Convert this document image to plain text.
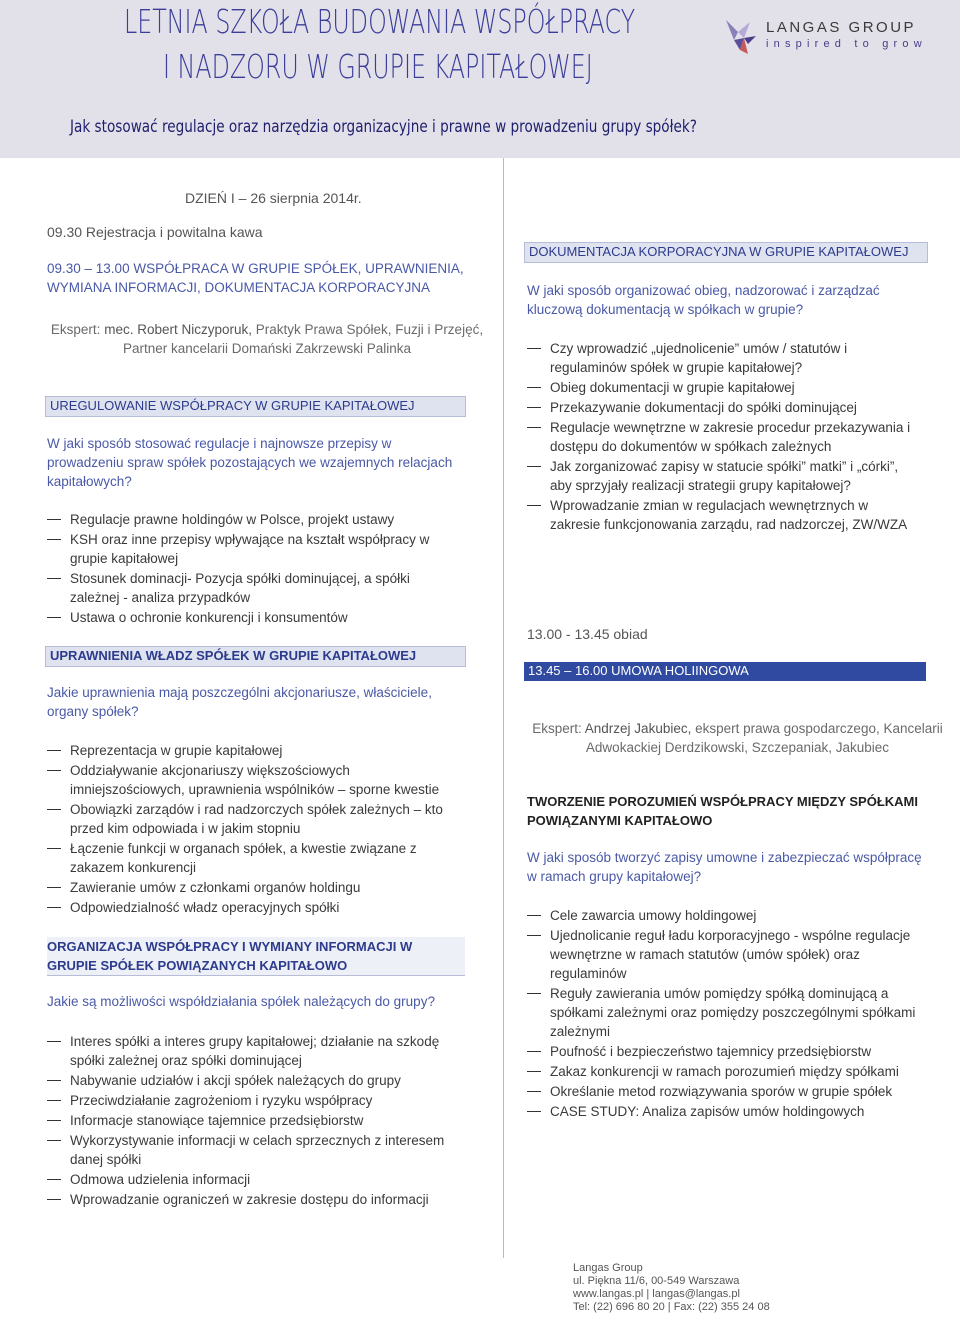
LETNIA SZKOŁA BUDOWANIA WSPÓŁPRACY
I NADZORU W GRUPIE KAPITAŁOWEJ
Jak stosować regulacje oraz narzędzia organizacyjne i prawne w prowadzeniu grupy spółek?
LANGAS GROUP
inspired to grow
DZIEŃ I – 26 sierpnia 2014r.
09.30 Rejestracja i powitalna kawa
09.30 – 13.00 WSPÓŁPRACA W GRUPIE SPÓŁEK, UPRAWNIENIA, WYMIANA INFORMACJI, DOKUMENTACJA KORPORACYJNA
Ekspert: mec. Robert Niczyporuk, Praktyk Prawa Spółek, Fuzji i Przejęć, Partner kancelarii Domański Zakrzewski Palinka
UREGULOWANIE WSPÓŁPRACY W GRUPIE KAPITAŁOWEJ
W jaki sposób stosować regulacje i najnowsze przepisy w prowadzeniu spraw spółek pozostających we wzajemnych relacjach kapitałowych?
Regulacje prawne holdingów w Polsce, projekt ustawy
KSH oraz inne przepisy wpływające na kształt współpracy w grupie kapitałowej
Stosunek dominacji- Pozycja spółki dominującej, a spółki zależnej - analiza przypadków
Ustawa o ochronie konkurencji i konsumentów
UPRAWNIENIA WŁADZ SPÓŁEK W GRUPIE KAPITAŁOWEJ
Jakie uprawnienia mają poszczególni akcjonariusze, właściciele, organy spółek?
Reprezentacja w grupie kapitałowej
Oddziaływanie akcjonariuszy większościowych imniejszościowych, uprawnienia wspólników – sporne kwestie
Obowiązki zarządów i rad nadzorczych spółek zależnych – kto przed kim odpowiada i w jakim stopniu
Łączenie funkcji w organach spółek, a kwestie związane z zakazem konkurencji
Zawieranie umów z członkami organów holdingu
Odpowiedzialność władz operacyjnych spółki
ORGANIZACJA WSPÓŁPRACY I WYMIANY INFORMACJI W GRUPIE SPÓŁEK POWIĄZANYCH KAPITAŁOWO
Jakie są możliwości współdziałania spółek należących do grupy?
Interes spółki a interes grupy kapitałowej; działanie na szkodę spółki zależnej oraz spółki dominującej
Nabywanie udziałów i akcji spółek należących do grupy
Przeciwdziałanie zagrożeniom i ryzyku współpracy
Informacje stanowiące tajemnice przedsiębiorstw
Wykorzystywanie informacji w celach sprzecznych z interesem danej spółki
Odmowa udzielenia informacji
Wprowadzanie ograniczeń w zakresie dostępu do informacji
DOKUMENTACJA KORPORACYJNA W GRUPIE KAPITAŁOWEJ
W jaki sposób organizować obieg, nadzorować i zarządzać kluczową dokumentacją w spółkach w grupie?
Czy wprowadzić „ujednolicenie” umów / statutów i regulaminów spółek w grupie kapitałowej?
Obieg dokumentacji w grupie kapitałowej
Przekazywanie dokumentacji do spółki dominującej
Regulacje wewnętrzne w zakresie procedur przekazywania i dostępu do dokumentów w spółkach zależnych
Jak zorganizować zapisy w statucie spółki” matki” i „córki”, aby sprzyjały realizacji strategii grupy kapitałowej?
Wprowadzanie zmian w regulacjach wewnętrznych w zakresie funkcjonowania zarządu, rad nadzorczej, ZW/WZA
13.00 - 13.45 obiad
13.45 – 16.00 UMOWA HOLIINGOWA
Ekspert: Andrzej Jakubiec, ekspert prawa gospodarczego, Kancelarii Adwokackiej Derdzikowski, Szczepaniak, Jakubiec
TWORZENIE POROZUMIEŃ WSPÓŁPRACY MIĘDZY SPÓŁKAMI POWIĄZANYMI KAPITAŁOWO
W jaki sposób tworzyć zapisy umowne i zabezpieczać współpracę w ramach grupy kapitałowej?
Cele zawarcia umowy holdingowej
Ujednolicanie reguł ładu korporacyjnego - wspólne regulacje wewnętrzne w ramach statutów (umów spółek) oraz regulaminów
Reguły zawierania umów pomiędzy spółką dominującą a spółkami zależnymi oraz pomiędzy poszczególnymi spółkami zależnymi
Poufność i bezpieczeństwo tajemnicy przedsiębiorstw
Zakaz konkurencji w ramach porozumień między spółkami
Określanie metod rozwiązywania sporów w grupie spółek
CASE STUDY: Analiza zapisów umów holdingowych
Langas Group
ul. Piękna 11/6, 00-549 Warszawa
www.langas.pl | langas@langas.pl
Tel: (22) 696 80 20 | Fax: (22) 355 24 08
